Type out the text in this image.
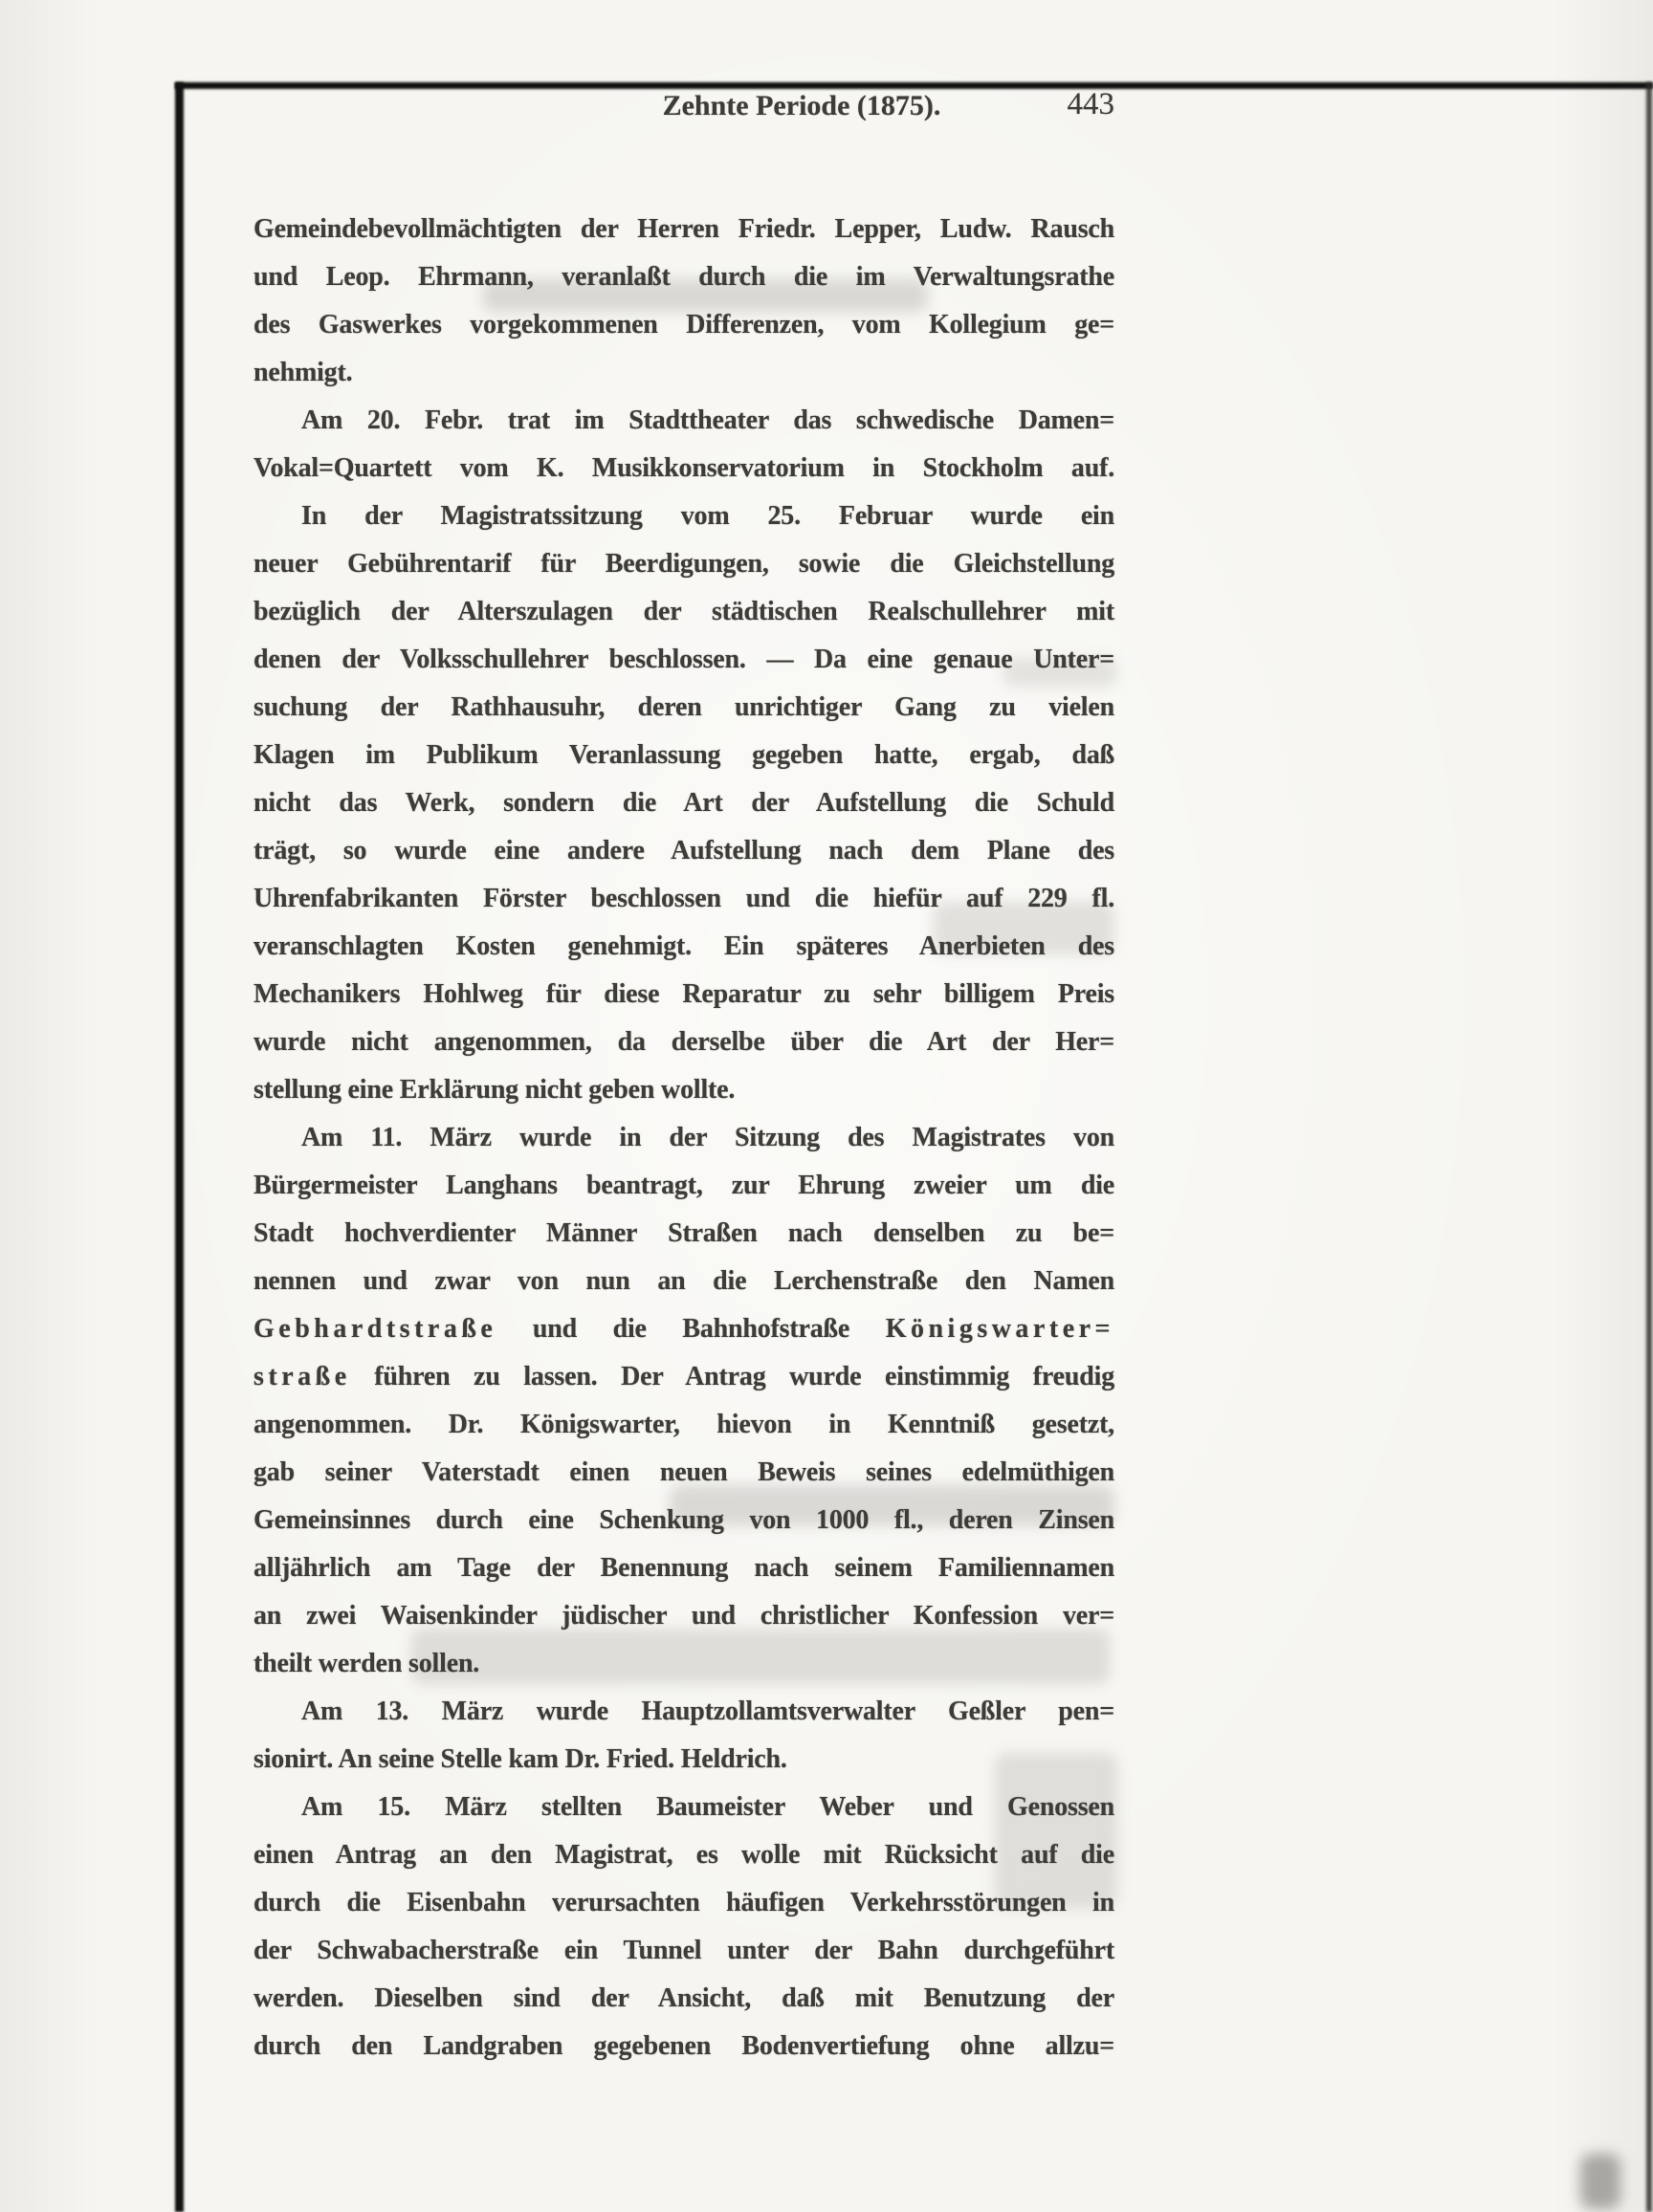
Zehnte Periode (1875).	443
Gemeindebevollmächtigten der Herren Friedr. Lepper, Ludw. Rausch
und Leop. Ehrmann, veranlaßt durch die im Verwaltungsrathe
des Gaswerkes vorgekommenen Differenzen, vom Kollegium ge=
nehmigt.
Am 20. Febr. trat im Stadttheater das schwedische Damen=
Vokal=Quartett vom K. Musikkonservatorium in Stockholm auf.
In der Magistratssitzung vom 25. Februar wurde ein
neuer Gebührentarif für Beerdigungen, sowie die Gleichstellung
bezüglich der Alterszulagen der städtischen Realschullehrer mit
denen der Volksschullehrer beschlossen. — Da eine genaue Unter=
suchung der Rathhausuhr, deren unrichtiger Gang zu vielen
Klagen im Publikum Veranlassung gegeben hatte, ergab, daß
nicht das Werk, sondern die Art der Aufstellung die Schuld
trägt, so wurde eine andere Aufstellung nach dem Plane des
Uhrenfabrikanten Förster beschlossen und die hiefür auf 229 fl.
veranschlagten Kosten genehmigt. Ein späteres Anerbieten des
Mechanikers Hohlweg für diese Reparatur zu sehr billigem Preis
wurde nicht angenommen, da derselbe über die Art der Her=
stellung eine Erklärung nicht geben wollte.
Am 11. März wurde in der Sitzung des Magistrates von
Bürgermeister Langhans beantragt, zur Ehrung zweier um die
Stadt hochverdienter Männer Straßen nach denselben zu be=
nennen und zwar von nun an die Lerchenstraße den Namen
Gebhardtstraße und die Bahnhofstraße Königswarter=
straße führen zu lassen. Der Antrag wurde einstimmig freudig
angenommen. Dr. Königswarter, hievon in Kenntniß gesetzt,
gab seiner Vaterstadt einen neuen Beweis seines edelmüthigen
Gemeinsinnes durch eine Schenkung von 1000 fl., deren Zinsen
alljährlich am Tage der Benennung nach seinem Familiennamen
an zwei Waisenkinder jüdischer und christlicher Konfession ver=
theilt werden sollen.
Am 13. März wurde Hauptzollamtsverwalter Geßler pen=
sionirt. An seine Stelle kam Dr. Fried. Heldrich.
Am 15. März stellten Baumeister Weber und Genossen
einen Antrag an den Magistrat, es wolle mit Rücksicht auf die
durch die Eisenbahn verursachten häufigen Verkehrsstörungen in
der Schwabacherstraße ein Tunnel unter der Bahn durchgeführt
werden. Dieselben sind der Ansicht, daß mit Benutzung der
durch den Landgraben gegebenen Bodenvertiefung ohne allzu=
